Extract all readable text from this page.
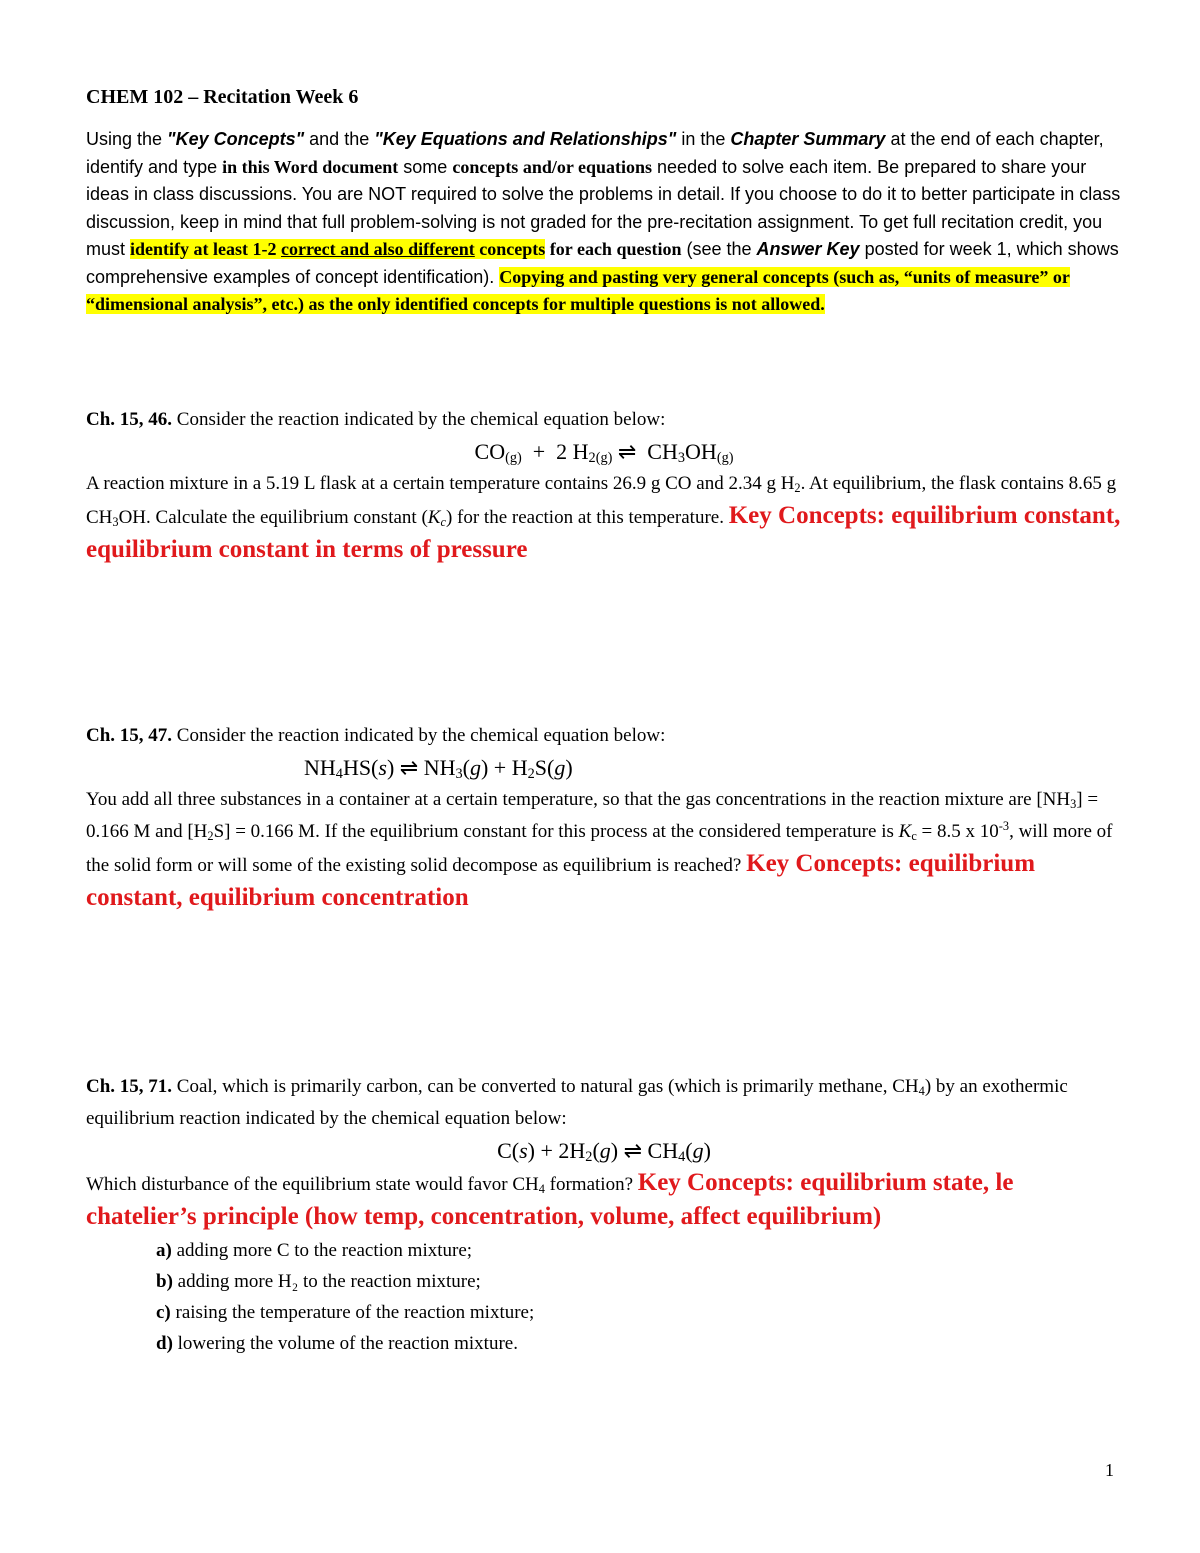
CHEM 102 – Recitation Week 6
Using the "Key Concepts" and the "Key Equations and Relationships" in the Chapter Summary at the end of each chapter, identify and type in this Word document some concepts and/or equations needed to solve each item. Be prepared to share your ideas in class discussions. You are NOT required to solve the problems in detail. If you choose to do it to better participate in class discussion, keep in mind that full problem-solving is not graded for the pre-recitation assignment. To get full recitation credit, you must identify at least 1-2 correct and also different concepts for each question (see the Answer Key posted for week 1, which shows comprehensive examples of concept identification). Copying and pasting very general concepts (such as, “units of measure” or “dimensional analysis”, etc.) as the only identified concepts for multiple questions is not allowed.
Ch. 15, 46. Consider the reaction indicated by the chemical equation below:
$CO_{(g)} + 2$ $H_{2(g)}$ ⇌  $CH_3OH_{(g)}$
A reaction mixture in a 5.19 L flask at a certain temperature contains 26.9 g CO and 2.34 g $H_2$. At equilibrium, the flask contains 8.65 g $CH_3OH$. Calculate the equilibrium constant $(K_c)$ for the reaction at this temperature. Key Concepts: equilibrium constant, equilibrium constant in terms of pressure
Ch. 15, 47. Consider the reaction indicated by the chemical equation below:
$NH_4HS(s)$ ⇌ $NH_3(g) + H_2S(g)$
You add all three substances in a container at a certain temperature, so that the gas concentrations in the reaction mixture are $[NH_3] = 0.166$ M and $[H_2S] = 0.166$ M. If the equilibrium constant for this process at the considered temperature is $K_c = 8.5$ x $10^{-3}$, will more of the solid form or will some of the existing solid decompose as equilibrium is reached? Key Concepts: equilibrium constant, equilibrium concentration
Ch. 15, 71. Coal, which is primarily carbon, can be converted to natural gas (which is primarily methane, $CH_4$) by an exothermic equilibrium reaction indicated by the chemical equation below:
$C(s) + 2H_2(g)$ ⇌ $CH_4(g)$
Which disturbance of the equilibrium state would favor $CH_4$ formation? Key Concepts: equilibrium state, le chatelier’s principle (how temp, concentration, volume, affect equilibrium)
a) adding more C to the reaction mixture;
b) adding more H₂ to the reaction mixture;
c) raising the temperature of the reaction mixture;
d) lowering the volume of the reaction mixture.
1
